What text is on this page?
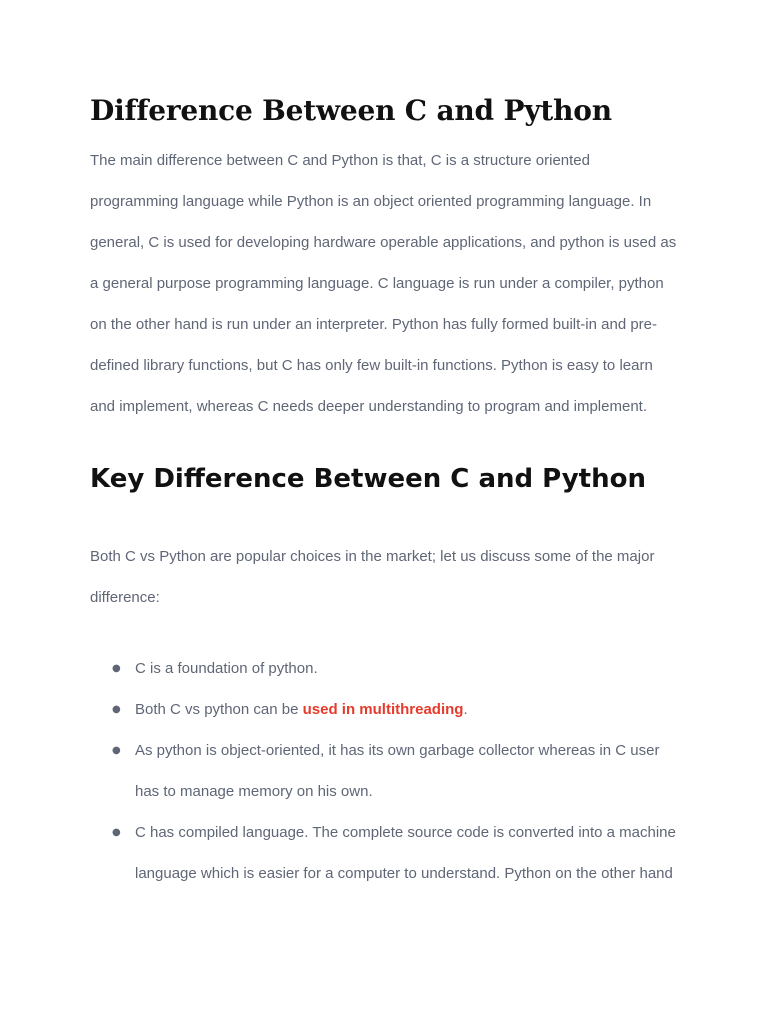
Difference Between C and Python

The main difference between C and Python is that, C is a structure oriented programming language while Python is an object oriented programming language. In general, C is used for developing hardware operable applications, and python is used as a general purpose programming language. C language is run under a compiler, python on the other hand is run under an interpreter. Python has fully formed built-in and pre-defined library functions, but C has only few built-in functions. Python is easy to learn and implement, whereas C needs deeper understanding to program and implement.

Key Difference Between C and Python

Both C vs Python are popular choices in the market; let us discuss some of the major difference:

● C is a foundation of python.
● Both C vs python can be used in multithreading.
● As python is object-oriented, it has its own garbage collector whereas in C user has to manage memory on his own.
● C has compiled language. The complete source code is converted into a machine language which is easier for a computer to understand. Python on the other hand
